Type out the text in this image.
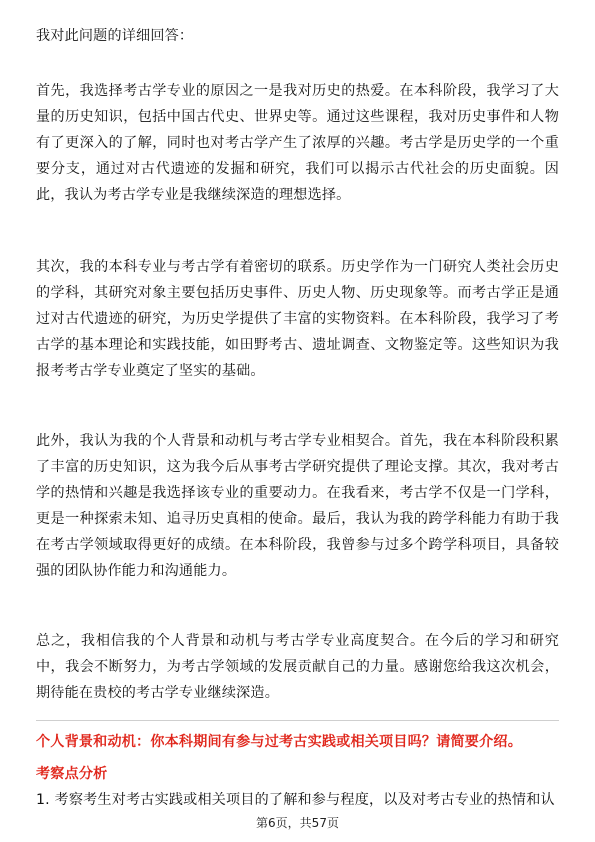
我对此问题的详细回答：

首先，我选择考古学专业的原因之一是我对历史的热爱。在本科阶段，我学习了大量的历史知识，包括中国古代史、世界史等。通过这些课程，我对历史事件和人物有了更深入的了解，同时也对考古学产生了浓厚的兴趣。考古学是历史学的一个重要分支，通过对古代遗迹的发掘和研究，我们可以揭示古代社会的历史面貌。因此，我认为考古学专业是我继续深造的理想选择。

其次，我的本科专业与考古学有着密切的联系。历史学作为一门研究人类社会历史的学科，其研究对象主要包括历史事件、历史人物、历史现象等。而考古学正是通过对古代遗迹的研究，为历史学提供了丰富的实物资料。在本科阶段，我学习了考古学的基本理论和实践技能，如田野考古、遗址调查、文物鉴定等。这些知识为我报考考古学专业奠定了坚实的基础。

此外，我认为我的个人背景和动机与考古学专业相契合。首先，我在本科阶段积累了丰富的历史知识，这为我今后从事考古学研究提供了理论支撑。其次，我对考古学的热情和兴趣是我选择该专业的重要动力。在我看来，考古学不仅是一门学科，更是一种探索未知、追寻历史真相的使命。最后，我认为我的跨学科能力有助于我在考古学领域取得更好的成绩。在本科阶段，我曾参与过多个跨学科项目，具备较强的团队协作能力和沟通能力。

总之，我相信我的个人背景和动机与考古学专业高度契合。在今后的学习和研究中，我会不断努力，为考古学领域的发展贡献自己的力量。感谢您给我这次机会，期待能在贵校的考古学专业继续深造。

个人背景和动机：你本科期间有参与过考古实践或相关项目吗？请简要介绍。
考察点分析
1. 考察考生对考古实践或相关项目的了解和参与程度，以及对考古专业的热情和认
第6页，共57页
